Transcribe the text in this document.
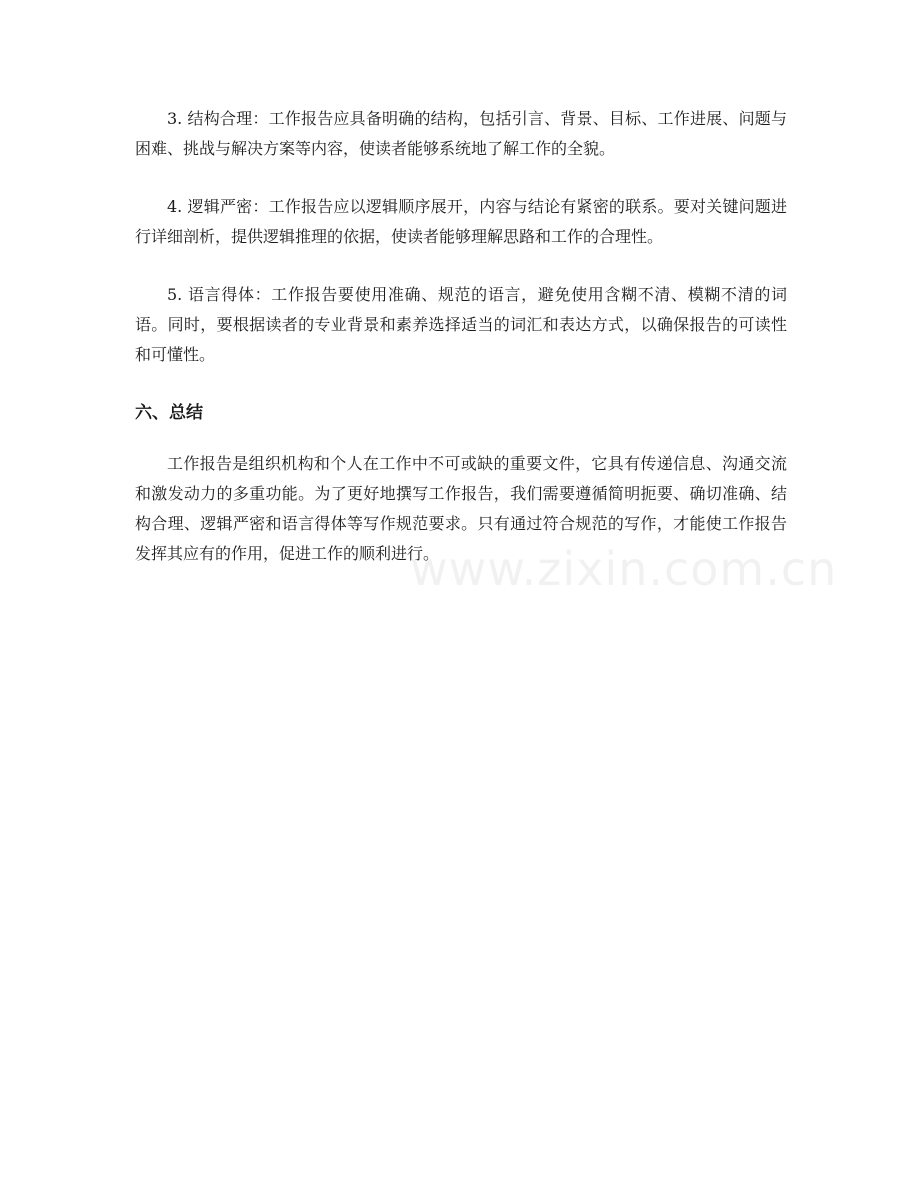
3. 结构合理：工作报告应具备明确的结构，包括引言、背景、目标、工作进展、问题与困难、挑战与解决方案等内容，使读者能够系统地了解工作的全貌。

4. 逻辑严密：工作报告应以逻辑顺序展开，内容与结论有紧密的联系。要对关键问题进行详细剖析，提供逻辑推理的依据，使读者能够理解思路和工作的合理性。

5. 语言得体：工作报告要使用准确、规范的语言，避免使用含糊不清、模糊不清的词语。同时，要根据读者的专业背景和素养选择适当的词汇和表达方式，以确保报告的可读性和可懂性。

六、总结

工作报告是组织机构和个人在工作中不可或缺的重要文件，它具有传递信息、沟通交流和激发动力的多重功能。为了更好地撰写工作报告，我们需要遵循简明扼要、确切准确、结构合理、逻辑严密和语言得体等写作规范要求。只有通过符合规范的写作，才能使工作报告发挥其应有的作用，促进工作的顺利进行。

www.zixin.com.cn
